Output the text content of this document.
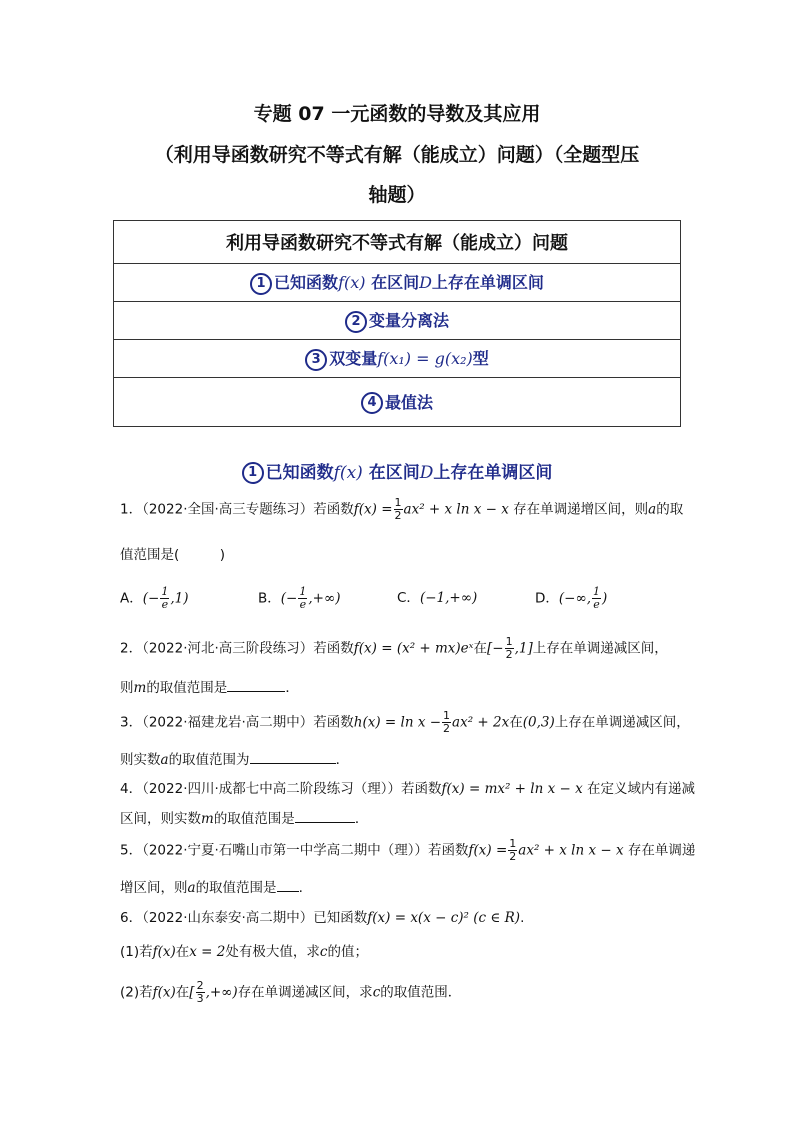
专题 07 一元函数的导数及其应用
（利用导函数研究不等式有解（能成立）问题）（全题型压
轴题）
利用导函数研究不等式有解（能成立）问题
1 已知函数f(x) 在区间D上存在单调区间
2 变量分离法
3 双变量f(x₁) = g(x₂)型
4 最值法
1 已知函数f(x) 在区间D上存在单调区间
1．（2022·全国·高三专题练习）若函数$f(x) = \frac{1}{2} ax^2 + x$ ln x − x 存在单调递增区间，则a的取
值范围是(　　　)
A．(− $\frac{1}{e} ,1$)	B．(− $\frac{1}{e}$ ,+∞)	C．(−1,+∞)	D．(−∞, $\frac{1}{e}$ )
2．（2022·河北·高三阶段练习）若函数f(x) = (x² + mx)eˣ在[− $\frac{1}{2} ,1$]上存在单调递减区间，
则m的取值范围是	．
3．（2022·福建龙岩·高二期中）若函数$h(x) = \ln x - \frac{1}{2} ax^2 + 2x$在(0,3)上存在单调递减区间，
则实数a的取值范围为	．
4．（2022·四川·成都七中高二阶段练习（理））若函数f(x) = mx² + ln x − x 在定义域内有递减
区间，则实数m的取值范围是	．
5．（2022·宁夏·石嘴山市第一中学高二期中（理））若函数$f(x) = \frac{1}{2} ax^2 + x$ ln x − x 存在单调递
增区间，则a的取值范围是 .
6．（2022·山东泰安·高二期中）已知函数f(x) = x(x − c)² (c ∈ R).
(1)若f(x)在x = 2处有极大值，求c的值；
(2)若f(x)在[ $\frac{2}{3}$ ,+∞)存在单调递减区间，求c的取值范围．
